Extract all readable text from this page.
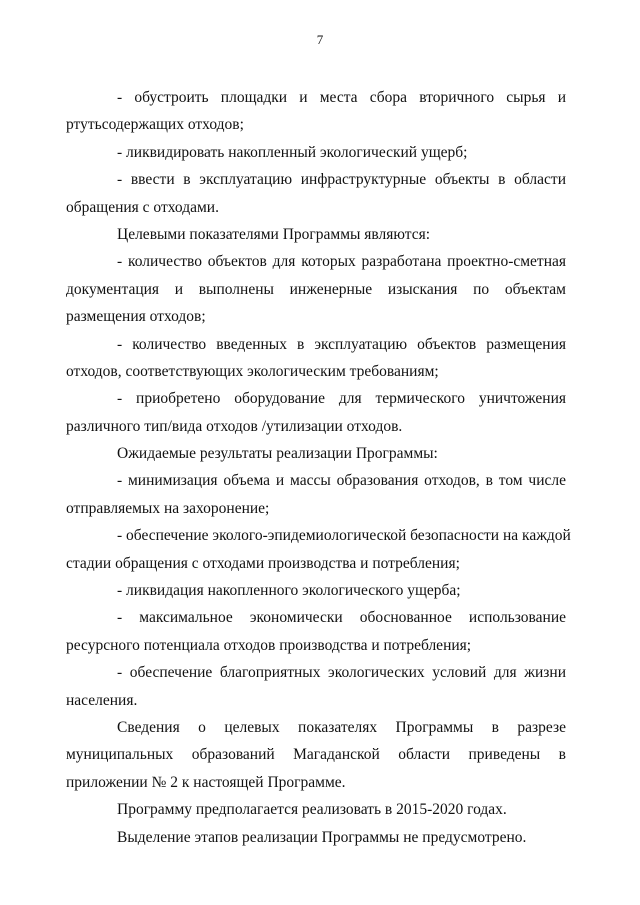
7
- обустроить площадки и места сбора вторичного сырья и
ртутьсодержащих отходов;
- ликвидировать накопленный экологический ущерб;
- ввести в эксплуатацию инфраструктурные объекты в области
обращения с отходами.
Целевыми показателями Программы являются:
- количество объектов для которых разработана проектно-сметная
документация и выполнены инженерные изыскания по объектам
размещения отходов;
- количество введенных в эксплуатацию объектов размещения
отходов, соответствующих экологическим требованиям;
- приобретено оборудование для термического уничтожения
различного тип/вида отходов /утилизации отходов.
Ожидаемые результаты реализации Программы:
- минимизация объема и массы образования отходов, в том числе
отправляемых на захоронение;
- обеспечение эколого-эпидемиологической безопасности на каждой
стадии обращения с отходами производства и потребления;
- ликвидация накопленного экологического ущерба;
- максимальное экономически обоснованное использование
ресурсного потенциала отходов производства и потребления;
- обеспечение благоприятных экологических условий для жизни
населения.
Сведения о целевых показателях Программы в разрезе
муниципальных образований Магаданской области приведены в
приложении № 2 к настоящей Программе.
Программу предполагается реализовать в 2015-2020 годах.
Выделение этапов реализации Программы не предусмотрено.
